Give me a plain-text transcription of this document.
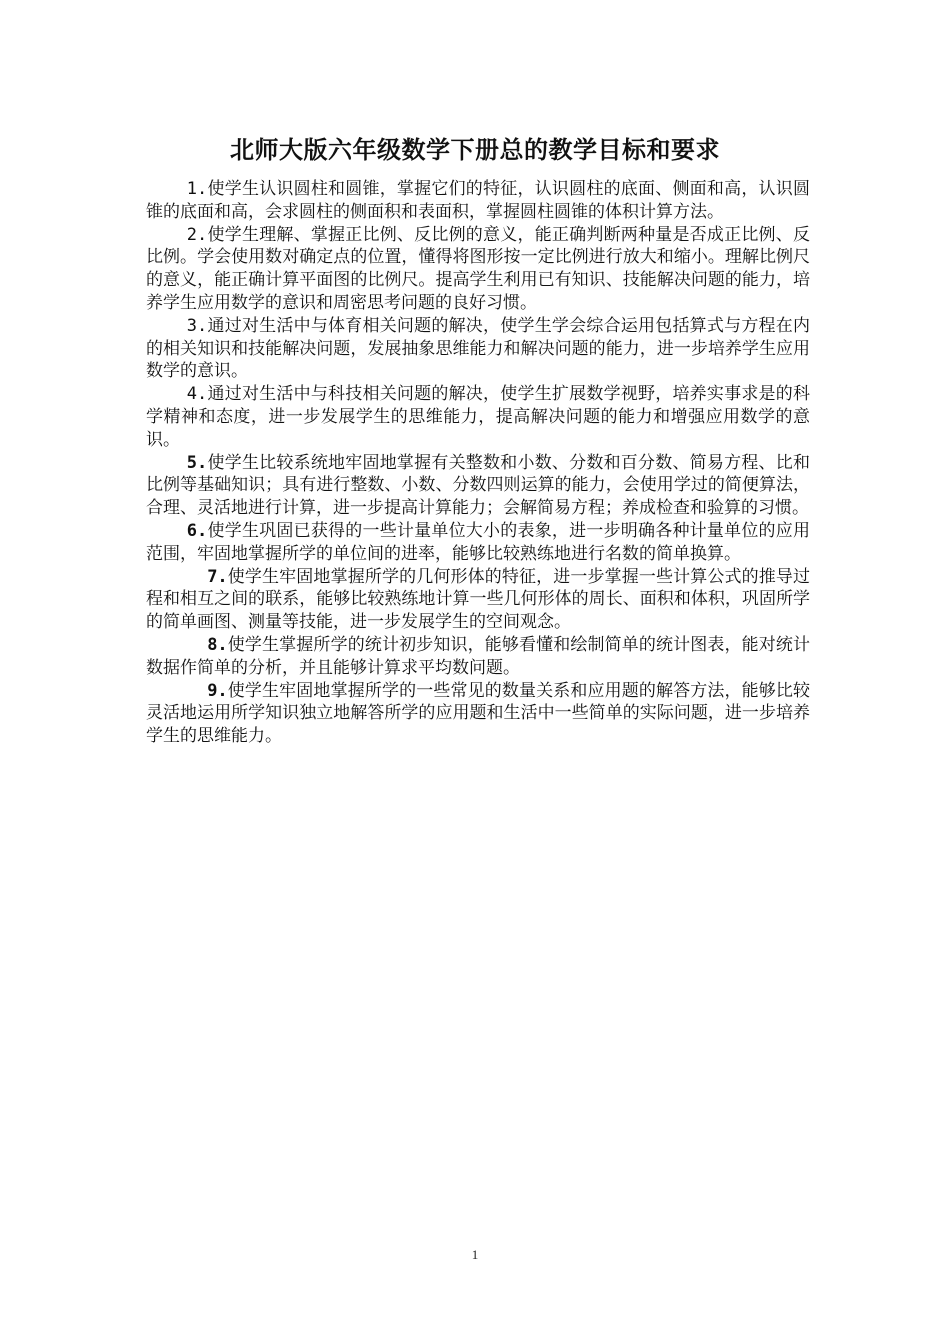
北师大版六年级数学下册总的教学目标和要求

1.使学生认识圆柱和圆锥，掌握它们的特征，认识圆柱的底面、侧面和高，认识圆锥的底面和高，会求圆柱的侧面积和表面积，掌握圆柱圆锥的体积计算方法。

2.使学生理解、掌握正比例、反比例的意义，能正确判断两种量是否成正比例、反比例。学会使用数对确定点的位置，懂得将图形按一定比例进行放大和缩小。理解比例尺的意义，能正确计算平面图的比例尺。提高学生利用已有知识、技能解决问题的能力，培养学生应用数学的意识和周密思考问题的良好习惯。

3.通过对生活中与体育相关问题的解决，使学生学会综合运用包括算式与方程在内的相关知识和技能解决问题，发展抽象思维能力和解决问题的能力，进一步培养学生应用数学的意识。

4.通过对生活中与科技相关问题的解决，使学生扩展数学视野，培养实事求是的科学精神和态度，进一步发展学生的思维能力，提高解决问题的能力和增强应用数学的意识。

5.使学生比较系统地牢固地掌握有关整数和小数、分数和百分数、简易方程、比和比例等基础知识；具有进行整数、小数、分数四则运算的能力，会使用学过的简便算法，合理、灵活地进行计算，进一步提高计算能力；会解简易方程；养成检查和验算的习惯。

6.使学生巩固已获得的一些计量单位大小的表象，进一步明确各种计量单位的应用范围，牢固地掌握所学的单位间的进率，能够比较熟练地进行名数的简单换算。

7.使学生牢固地掌握所学的几何形体的特征，进一步掌握一些计算公式的推导过程和相互之间的联系，能够比较熟练地计算一些几何形体的周长、面积和体积，巩固所学的简单画图、测量等技能，进一步发展学生的空间观念。

8.使学生掌握所学的统计初步知识，能够看懂和绘制简单的统计图表，能对统计数据作简单的分析，并且能够计算求平均数问题。

9.使学生牢固地掌握所学的一些常见的数量关系和应用题的解答方法，能够比较灵活地运用所学知识独立地解答所学的应用题和生活中一些简单的实际问题，进一步培养学生的思维能力。

1
